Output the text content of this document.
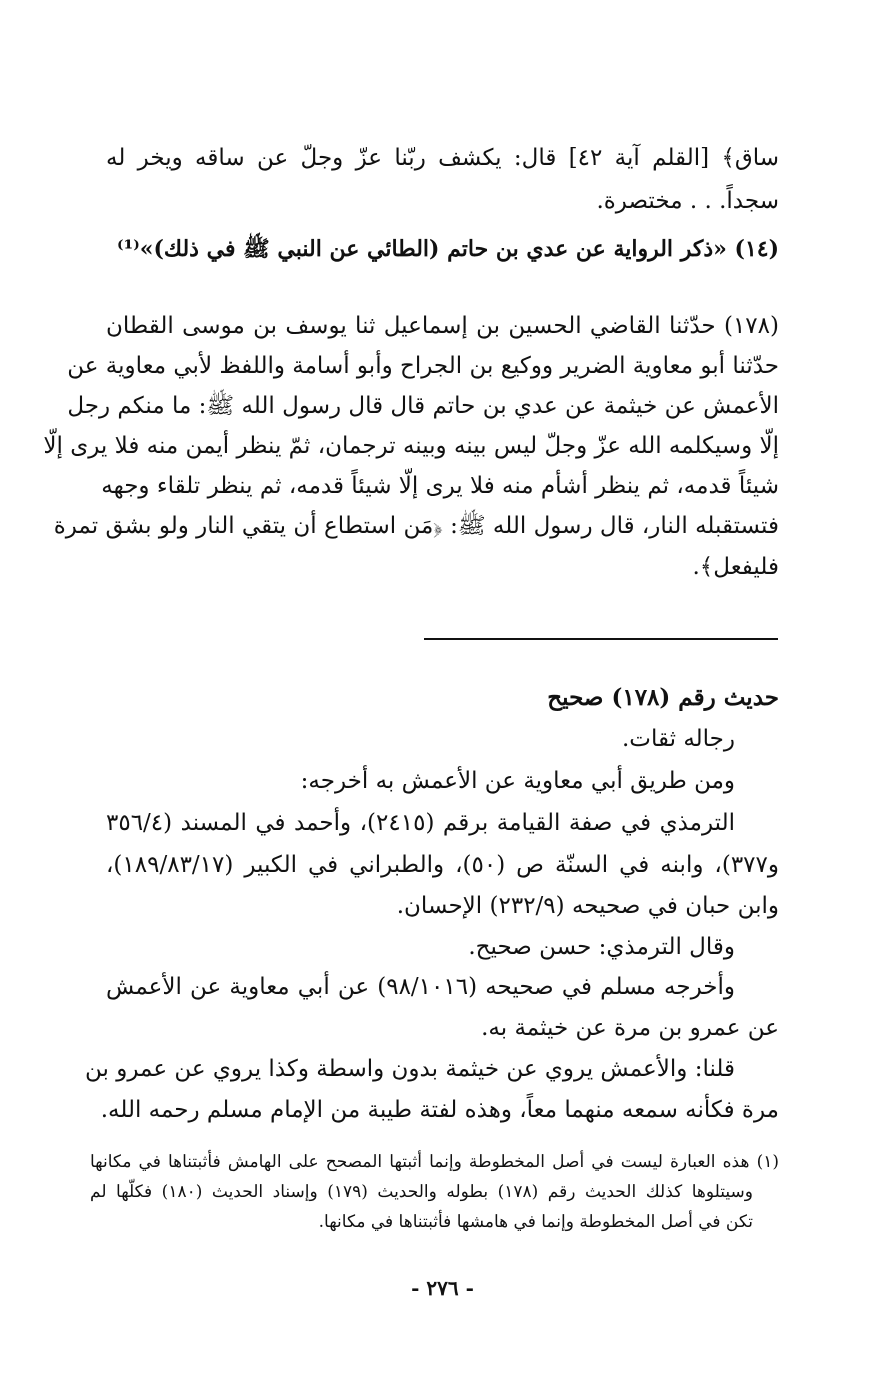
ساق﴾ [القلم آية ٤٢] قال: يكشف ربّنا عزّ وجلّ عن ساقه ويخر له
سجداً. . . مختصرة.
(١٤) «ذكر الرواية عن عدي بن حاتم (الطائي عن النبي ﷺ في ذلك)»⁽¹⁾
(١٧٨) حدّثنا القاضي الحسين بن إسماعيل ثنا يوسف بن موسى القطان
حدّثنا أبو معاوية الضرير ووكيع بن الجراح وأبو أسامة واللفظ لأبي معاوية عن
الأعمش عن خيثمة عن عدي بن حاتم قال قال رسول الله ﷺ: ما منكم رجل
إلّا وسيكلمه الله عزّ وجلّ ليس بينه وبينه ترجمان، ثمّ ينظر أيمن منه فلا يرى إلّا
شيئاً قدمه، ثم ينظر أشأم منه فلا يرى إلّا شيئاً قدمه، ثم ينظر تلقاء وجهه
فتستقبله النار، قال رسول الله ﷺ: ﴿مَن استطاع أن يتقي النار ولو بشق تمرة
فليفعل﴾.
حديث رقم (١٧٨) صحيح
رجاله ثقات.
ومن طريق أبي معاوية عن الأعمش به أخرجه:
الترمذي في صفة القيامة برقم (٢٤١٥)، وأحمد في المسند (٣٥٦/٤
و٣٧٧)، وابنه في السنّة ص (٥٠)، والطبراني في الكبير (١٨٩/٨٣/١٧)،
وابن حبان في صحيحه (٢٣٢/٩) الإحسان.
وقال الترمذي: حسن صحيح.
وأخرجه مسلم في صحيحه (٩٨/١٠١٦) عن أبي معاوية عن الأعمش
عن عمرو بن مرة عن خيثمة به.
قلنا: والأعمش يروي عن خيثمة بدون واسطة وكذا يروي عن عمرو بن
مرة فكأنه سمعه منهما معاً، وهذه لفتة طيبة من الإمام مسلم رحمه الله.
(١) هذه العبارة ليست في أصل المخطوطة وإنما أثبتها المصحح على الهامش فأثبتناها في مكانها
وسيتلوها كذلك الحديث رقم (١٧٨) بطوله والحديث (١٧٩) وإسناد الحديث (١٨٠) فكلّها لم
تكن في أصل المخطوطة وإنما في هامشها فأثبتناها في مكانها.
- ٢٧٦ -
